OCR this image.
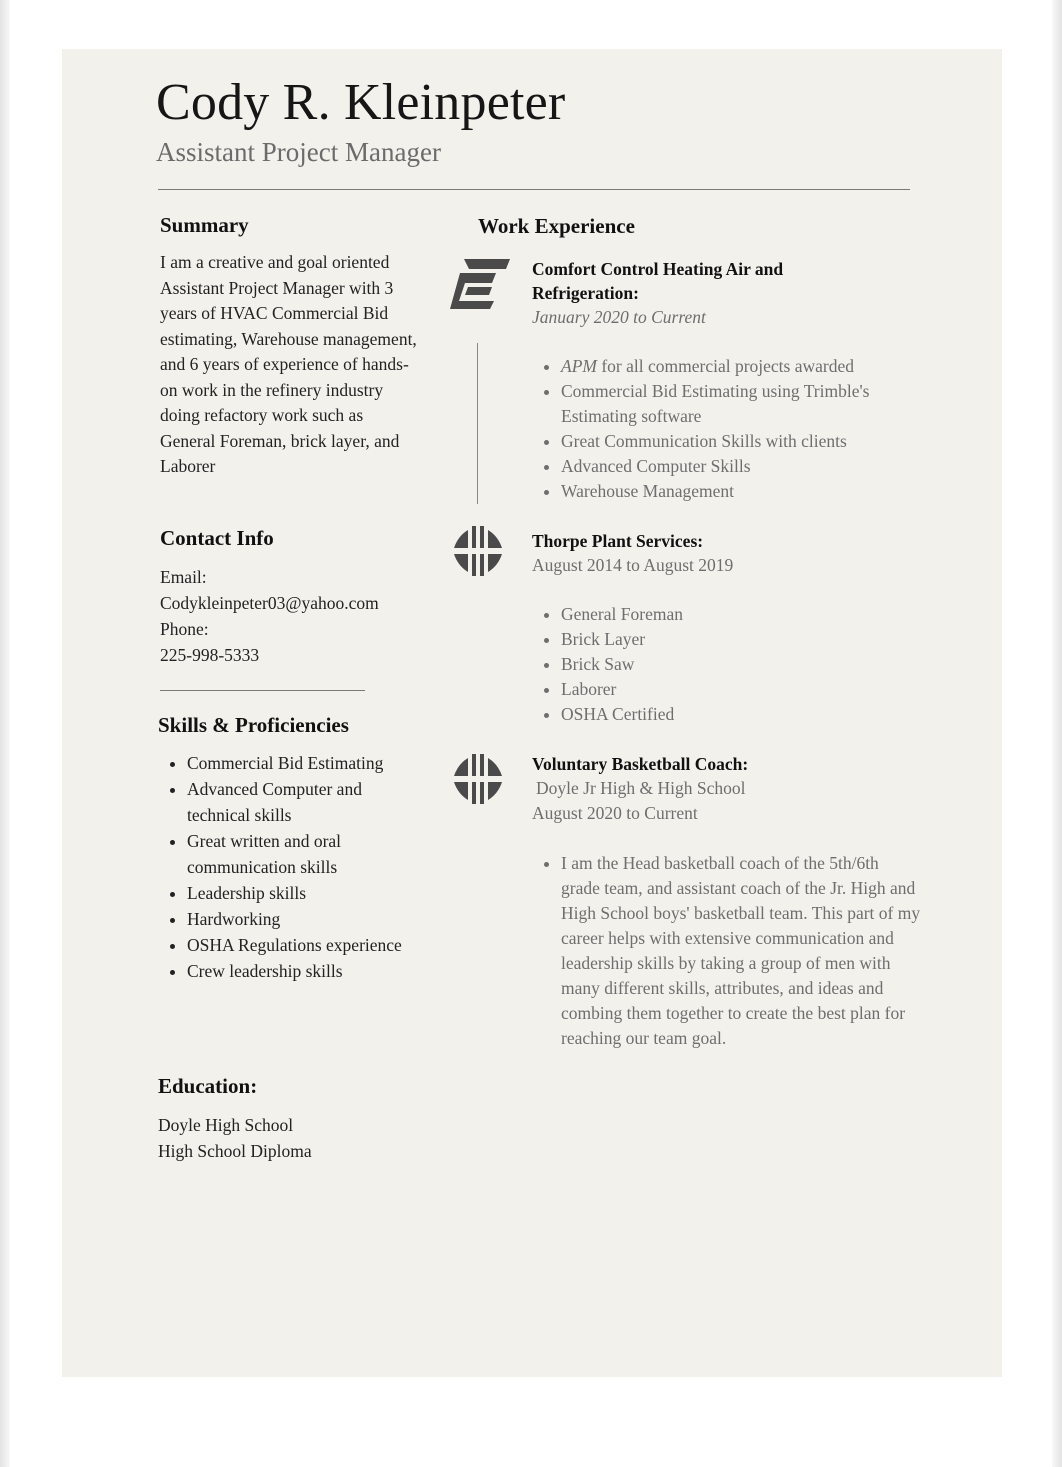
Cody R. Kleinpeter
Assistant Project Manager
Summary

I am a creative and goal oriented Assistant Project Manager with 3 years of HVAC Commercial Bid estimating, Warehouse management, and 6 years of experience of hands-on work in the refinery industry doing refactory work such as General Foreman, brick layer, and Laborer

Contact Info
Email:
Codykleinpeter03@yahoo.com
Phone:
225-998-5333
Skills & Proficiencies
• Commercial Bid Estimating
• Advanced Computer and technical skills
• Great written and oral communication skills
• Leadership skills
• Hardworking
• OSHA Regulations experience
• Crew leadership skills
Education:
Doyle High School
High School Diploma
Work Experience
Comfort Control Heating Air and Refrigeration:

January 2020 to Current

• APM for all commercial projects awarded
• Commercial Bid Estimating using Trimble's Estimating software
• Great Communication Skills with clients
• Advanced Computer Skills
• Warehouse Management
Thorpe Plant Services:

August 2014 to August 2019

• General Foreman
• Brick Layer
• Brick Saw
• Laborer
• OSHA Certified
Voluntary Basketball Coach:

Doyle Jr High & High School

August 2020 to Current

• I am the Head basketball coach of the 5th/6th grade team, and assistant coach of the Jr. High and High School boys' basketball team. This part of my career helps with extensive communication and leadership skills by taking a group of men with many different skills, attributes, and ideas and combing them together to create the best plan for reaching our team goal.
